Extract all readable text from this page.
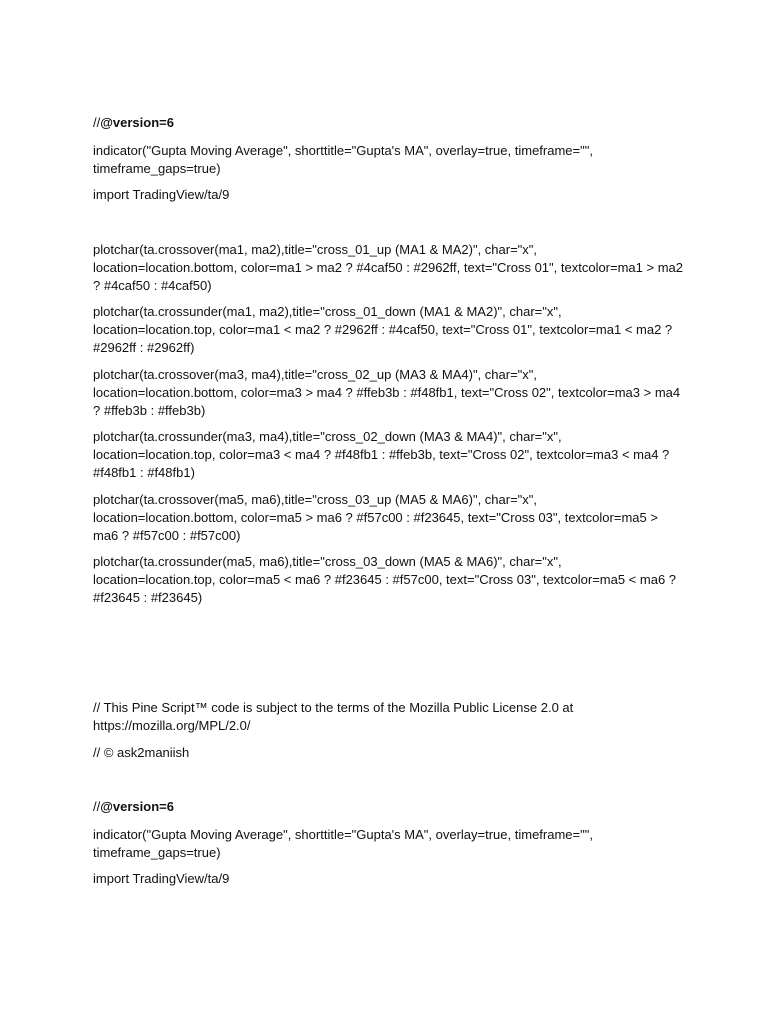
//@version=6

indicator("Gupta Moving Average", shorttitle="Gupta's MA", overlay=true, timeframe="", timeframe_gaps=true)

import TradingView/ta/9

plotchar(ta.crossover(ma1, ma2),title="cross_01_up (MA1 & MA2)", char="x", location=location.bottom, color=ma1 > ma2 ? #4caf50 : #2962ff, text="Cross 01", textcolor=ma1 > ma2 ? #4caf50 : #4caf50)

plotchar(ta.crossunder(ma1, ma2),title="cross_01_down (MA1 & MA2)", char="x", location=location.top, color=ma1 < ma2 ? #2962ff : #4caf50, text="Cross 01", textcolor=ma1 < ma2 ? #2962ff : #2962ff)

plotchar(ta.crossover(ma3, ma4),title="cross_02_up (MA3 & MA4)", char="x", location=location.bottom, color=ma3 > ma4 ? #ffeb3b : #f48fb1, text="Cross 02", textcolor=ma3 > ma4 ? #ffeb3b : #ffeb3b)

plotchar(ta.crossunder(ma3, ma4),title="cross_02_down (MA3 & MA4)", char="x", location=location.top, color=ma3 < ma4 ? #f48fb1 : #ffeb3b, text="Cross 02", textcolor=ma3 < ma4 ? #f48fb1 : #f48fb1)

plotchar(ta.crossover(ma5, ma6),title="cross_03_up (MA5 & MA6)", char="x", location=location.bottom, color=ma5 > ma6 ? #f57c00 : #f23645, text="Cross 03", textcolor=ma5 > ma6 ? #f57c00 : #f57c00)

plotchar(ta.crossunder(ma5, ma6),title="cross_03_down (MA5 & MA6)", char="x", location=location.top, color=ma5 < ma6 ? #f23645 : #f57c00, text="Cross 03", textcolor=ma5 < ma6 ? #f23645 : #f23645)

// This Pine Script™ code is subject to the terms of the Mozilla Public License 2.0 at https://mozilla.org/MPL/2.0/

// © ask2maniish

//@version=6

indicator("Gupta Moving Average", shorttitle="Gupta's MA", overlay=true, timeframe="", timeframe_gaps=true)

import TradingView/ta/9
